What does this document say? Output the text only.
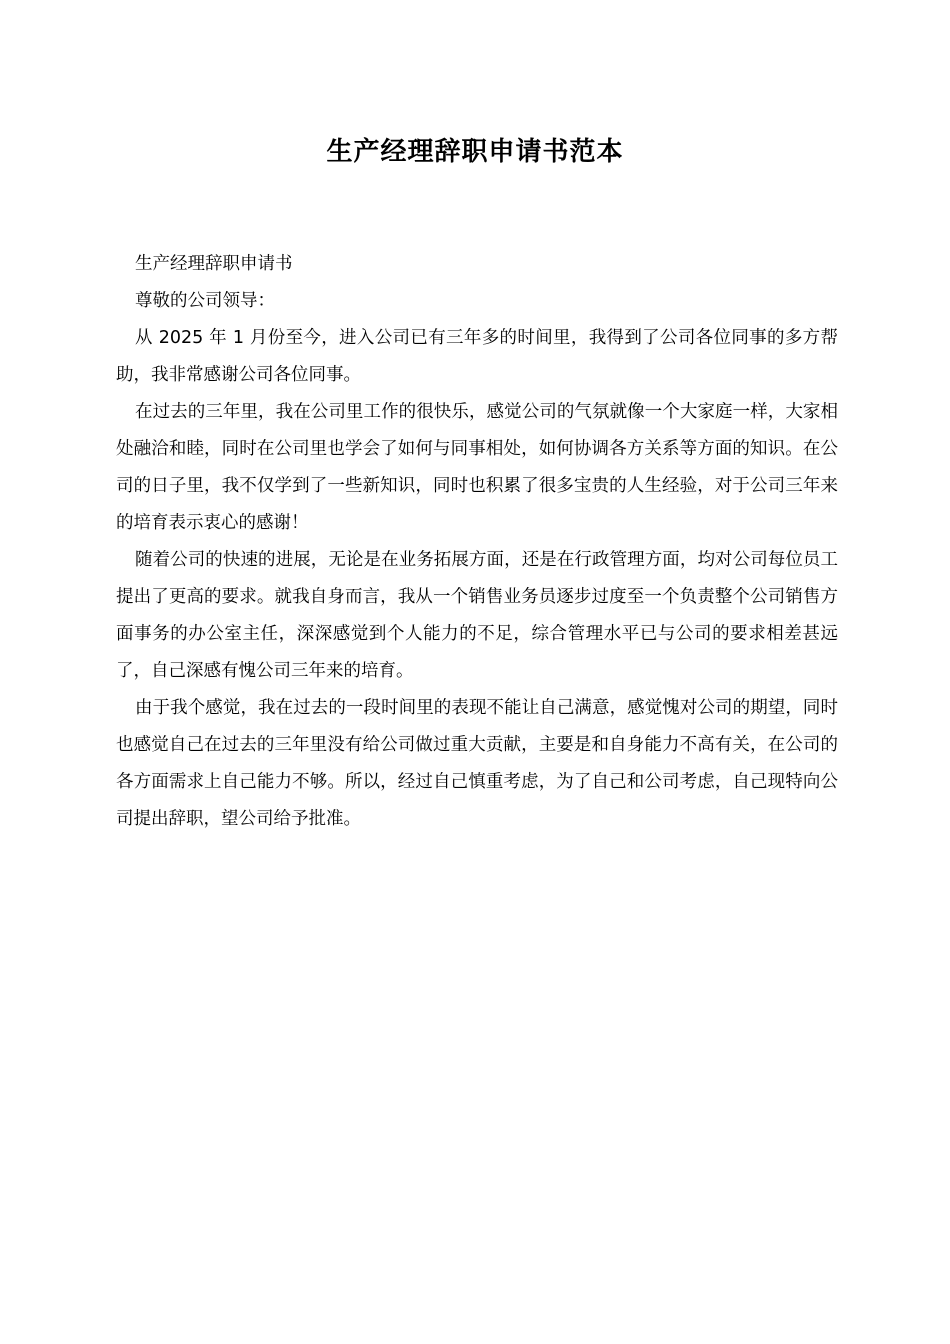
生产经理辞职申请书范本

生产经理辞职申请书

尊敬的公司领导：

从 2025 年 1 月份至今，进入公司已有三年多的时间里，我得到了公司各位同事的多方帮助，我非常感谢公司各位同事。

在过去的三年里，我在公司里工作的很快乐，感觉公司的气氛就像一个大家庭一样，大家相处融洽和睦，同时在公司里也学会了如何与同事相处，如何协调各方关系等方面的知识。在公司的日子里，我不仅学到了一些新知识，同时也积累了很多宝贵的人生经验，对于公司三年来的培育表示衷心的感谢！

随着公司的快速的进展，无论是在业务拓展方面，还是在行政管理方面，均对公司每位员工提出了更高的要求。就我自身而言，我从一个销售业务员逐步过度至一个负责整个公司销售方面事务的办公室主任，深深感觉到个人能力的不足，综合管理水平已与公司的要求相差甚远了，自己深感有愧公司三年来的培育。

由于我个感觉，我在过去的一段时间里的表现不能让自己满意，感觉愧对公司的期望，同时也感觉自己在过去的三年里没有给公司做过重大贡献，主要是和自身能力不高有关，在公司的各方面需求上自己能力不够。所以，经过自己慎重考虑，为了自己和公司考虑，自己现特向公司提出辞职，望公司给予批准。
